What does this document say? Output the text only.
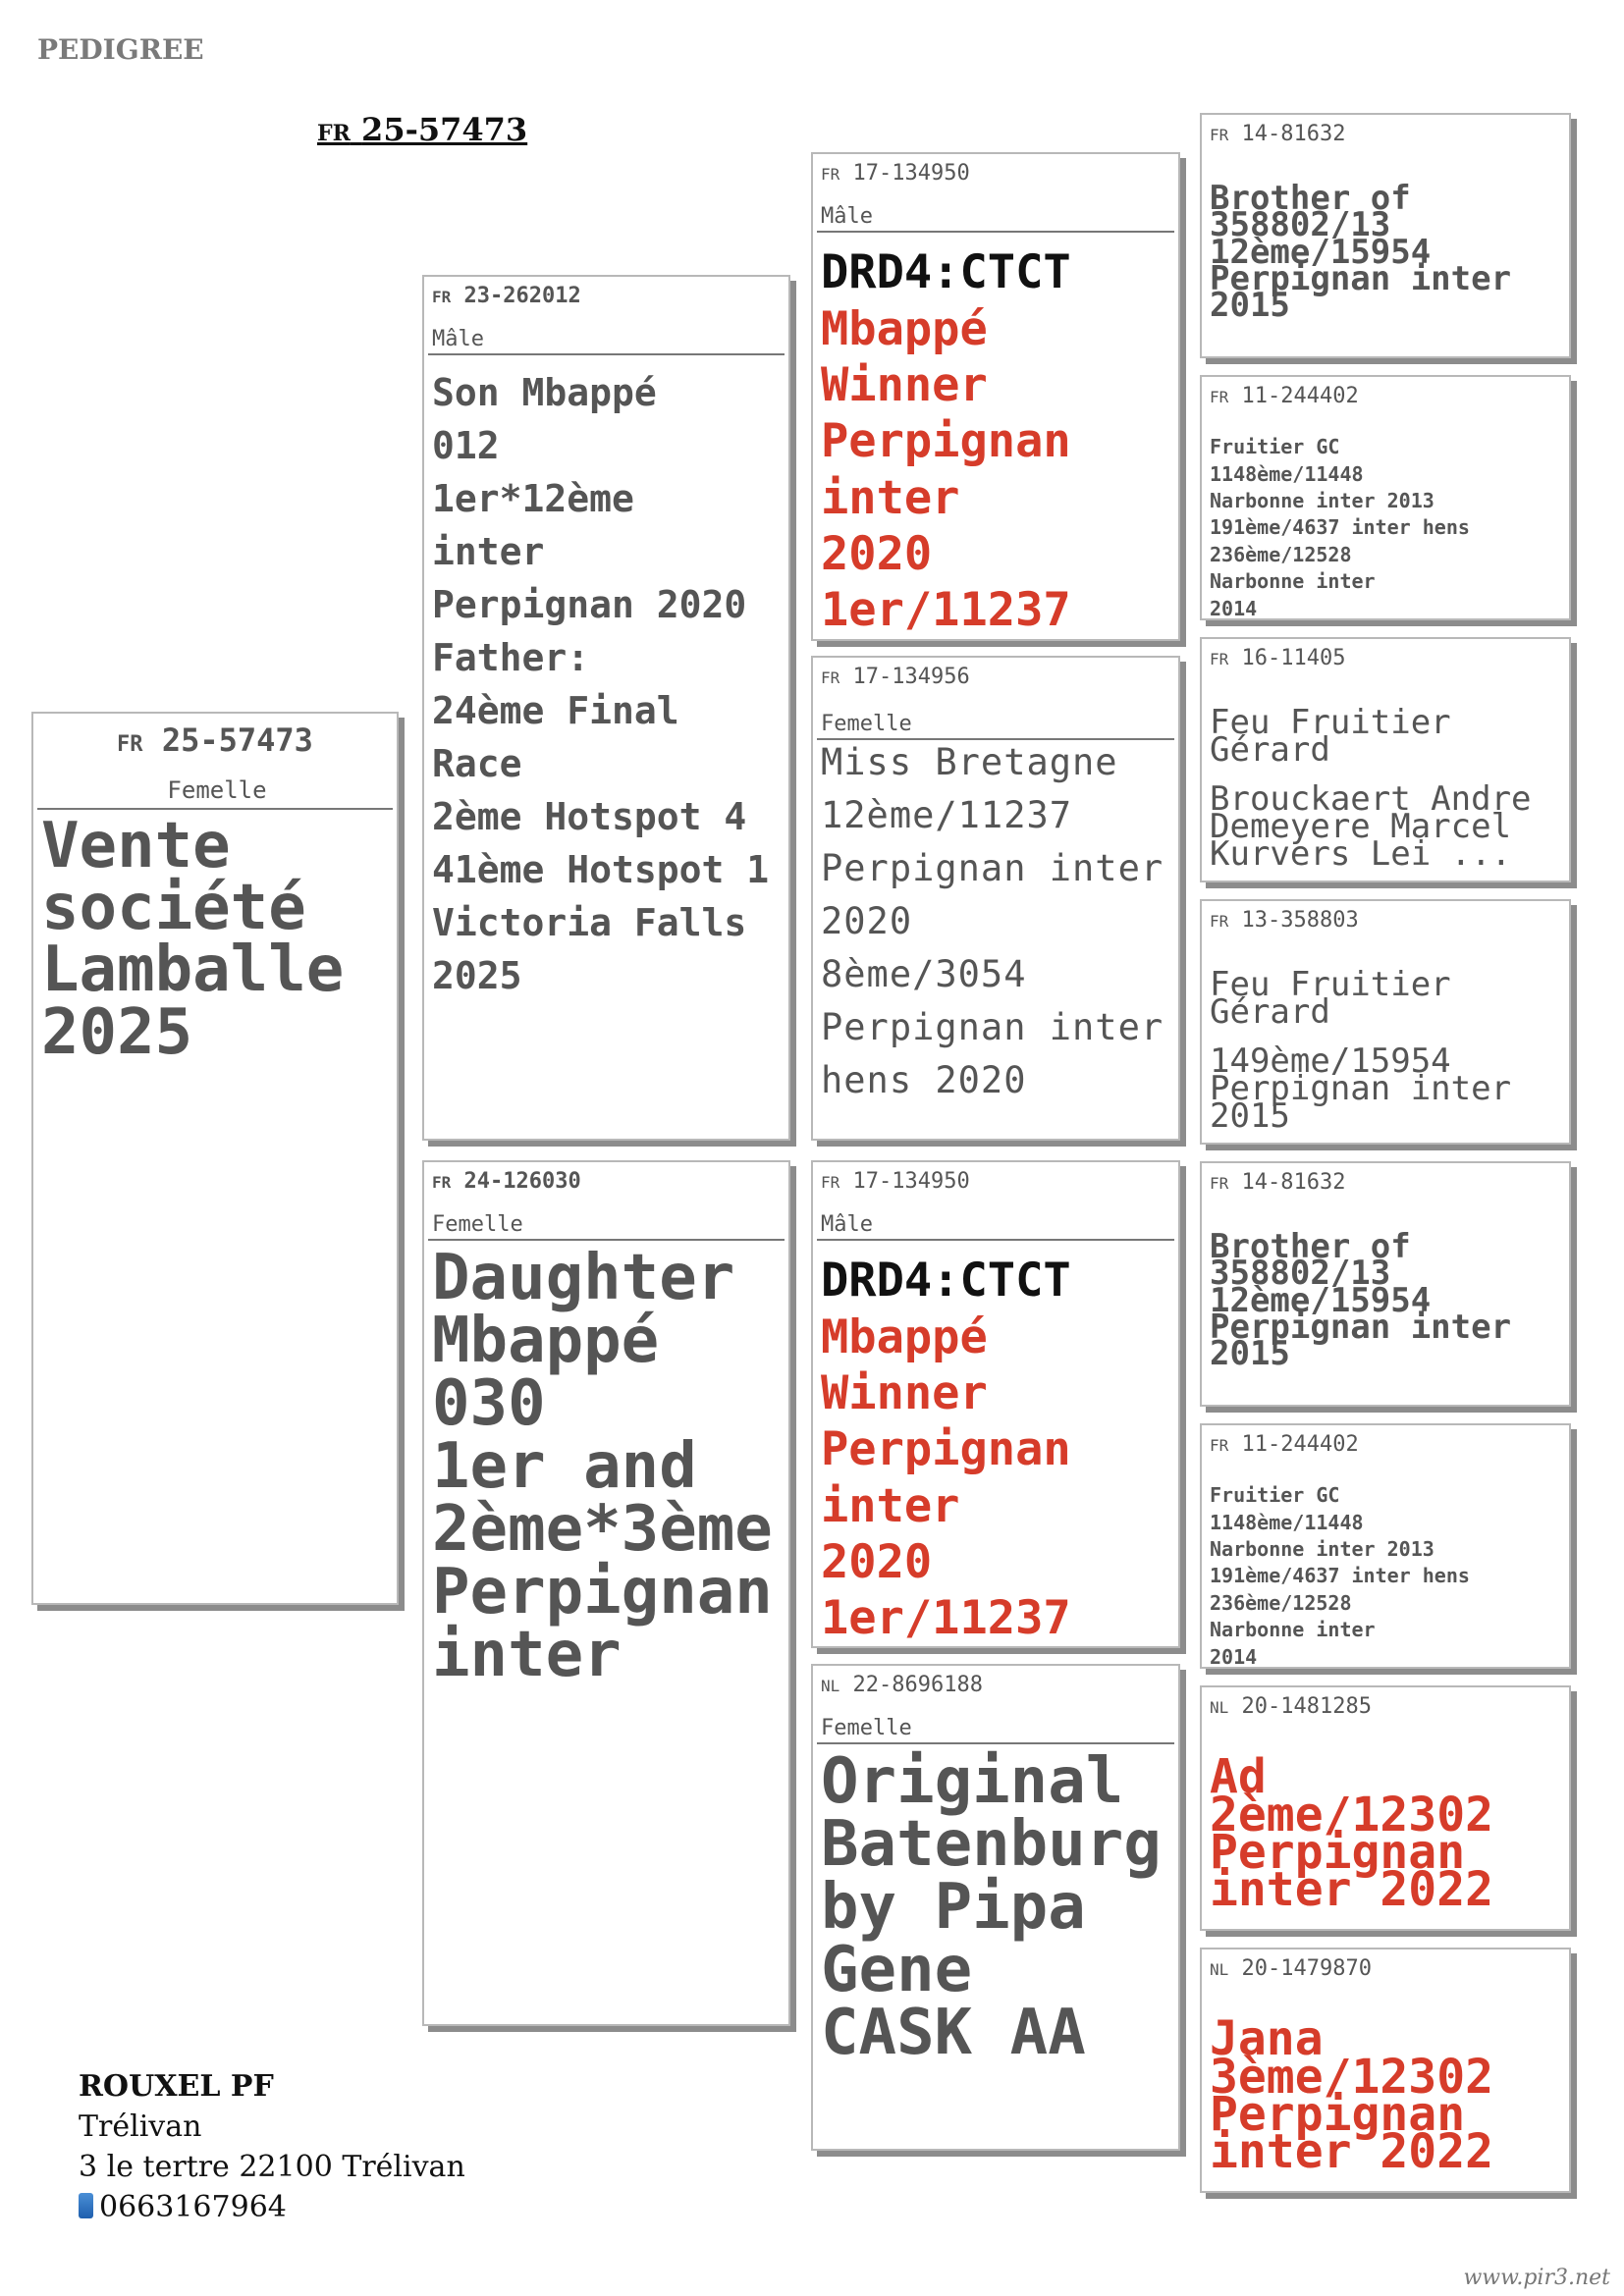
PEDIGREE
FR 25-57473
FR 25-57473
Femelle
Vente
société
Lamballe
2025
FR 23-262012
Mâle
Son Mbappé
012
1er*12ème
inter
Perpignan 2020
Father:
24ème Final
Race
2ème Hotspot 4
41ème Hotspot 1
Victoria Falls
2025
FR 24-126030
Femelle
Daughter
Mbappé
030
1er and
2ème*3ème
Perpignan
inter
FR 17-134950
Mâle
DRD4:CTCT
Mbappé
Winner
Perpignan
inter
2020
1er/11237
FR 17-134956
Femelle
Miss Bretagne
12ème/11237
Perpignan inter
2020
8ème/3054
Perpignan inter
hens 2020
FR 17-134950
Mâle
DRD4:CTCT
Mbappé
Winner
Perpignan
inter
2020
1er/11237
NL 22-8696188
Femelle
Original
Batenburg
by Pipa
Gene
CASK AA
FR 14-81632
Brother of
358802/13
12ème/15954
Perpignan inter
2015
FR 11-244402
Fruitier GC
1148ème/11448
Narbonne inter 2013
191ème/4637 inter hens
236ème/12528
Narbonne inter
2014
FR 16-11405
Feu Fruitier
Gérard
Brouckaert Andre
Demeyere Marcel
Kurvers Lei ...
FR 13-358803
Feu Fruitier
Gérard
149ème/15954
Perpignan inter
2015
FR 14-81632
Brother of
358802/13
12ème/15954
Perpignan inter
2015
FR 11-244402
Fruitier GC
1148ème/11448
Narbonne inter 2013
191ème/4637 inter hens
236ème/12528
Narbonne inter
2014
NL 20-1481285
Ad
2ème/12302
Perpignan
inter 2022
NL 20-1479870
Jana
3ème/12302
Perpignan
inter 2022
ROUXEL PF
Trélivan
3 le tertre 22100 Trélivan
0663167964
www.pir3.net
